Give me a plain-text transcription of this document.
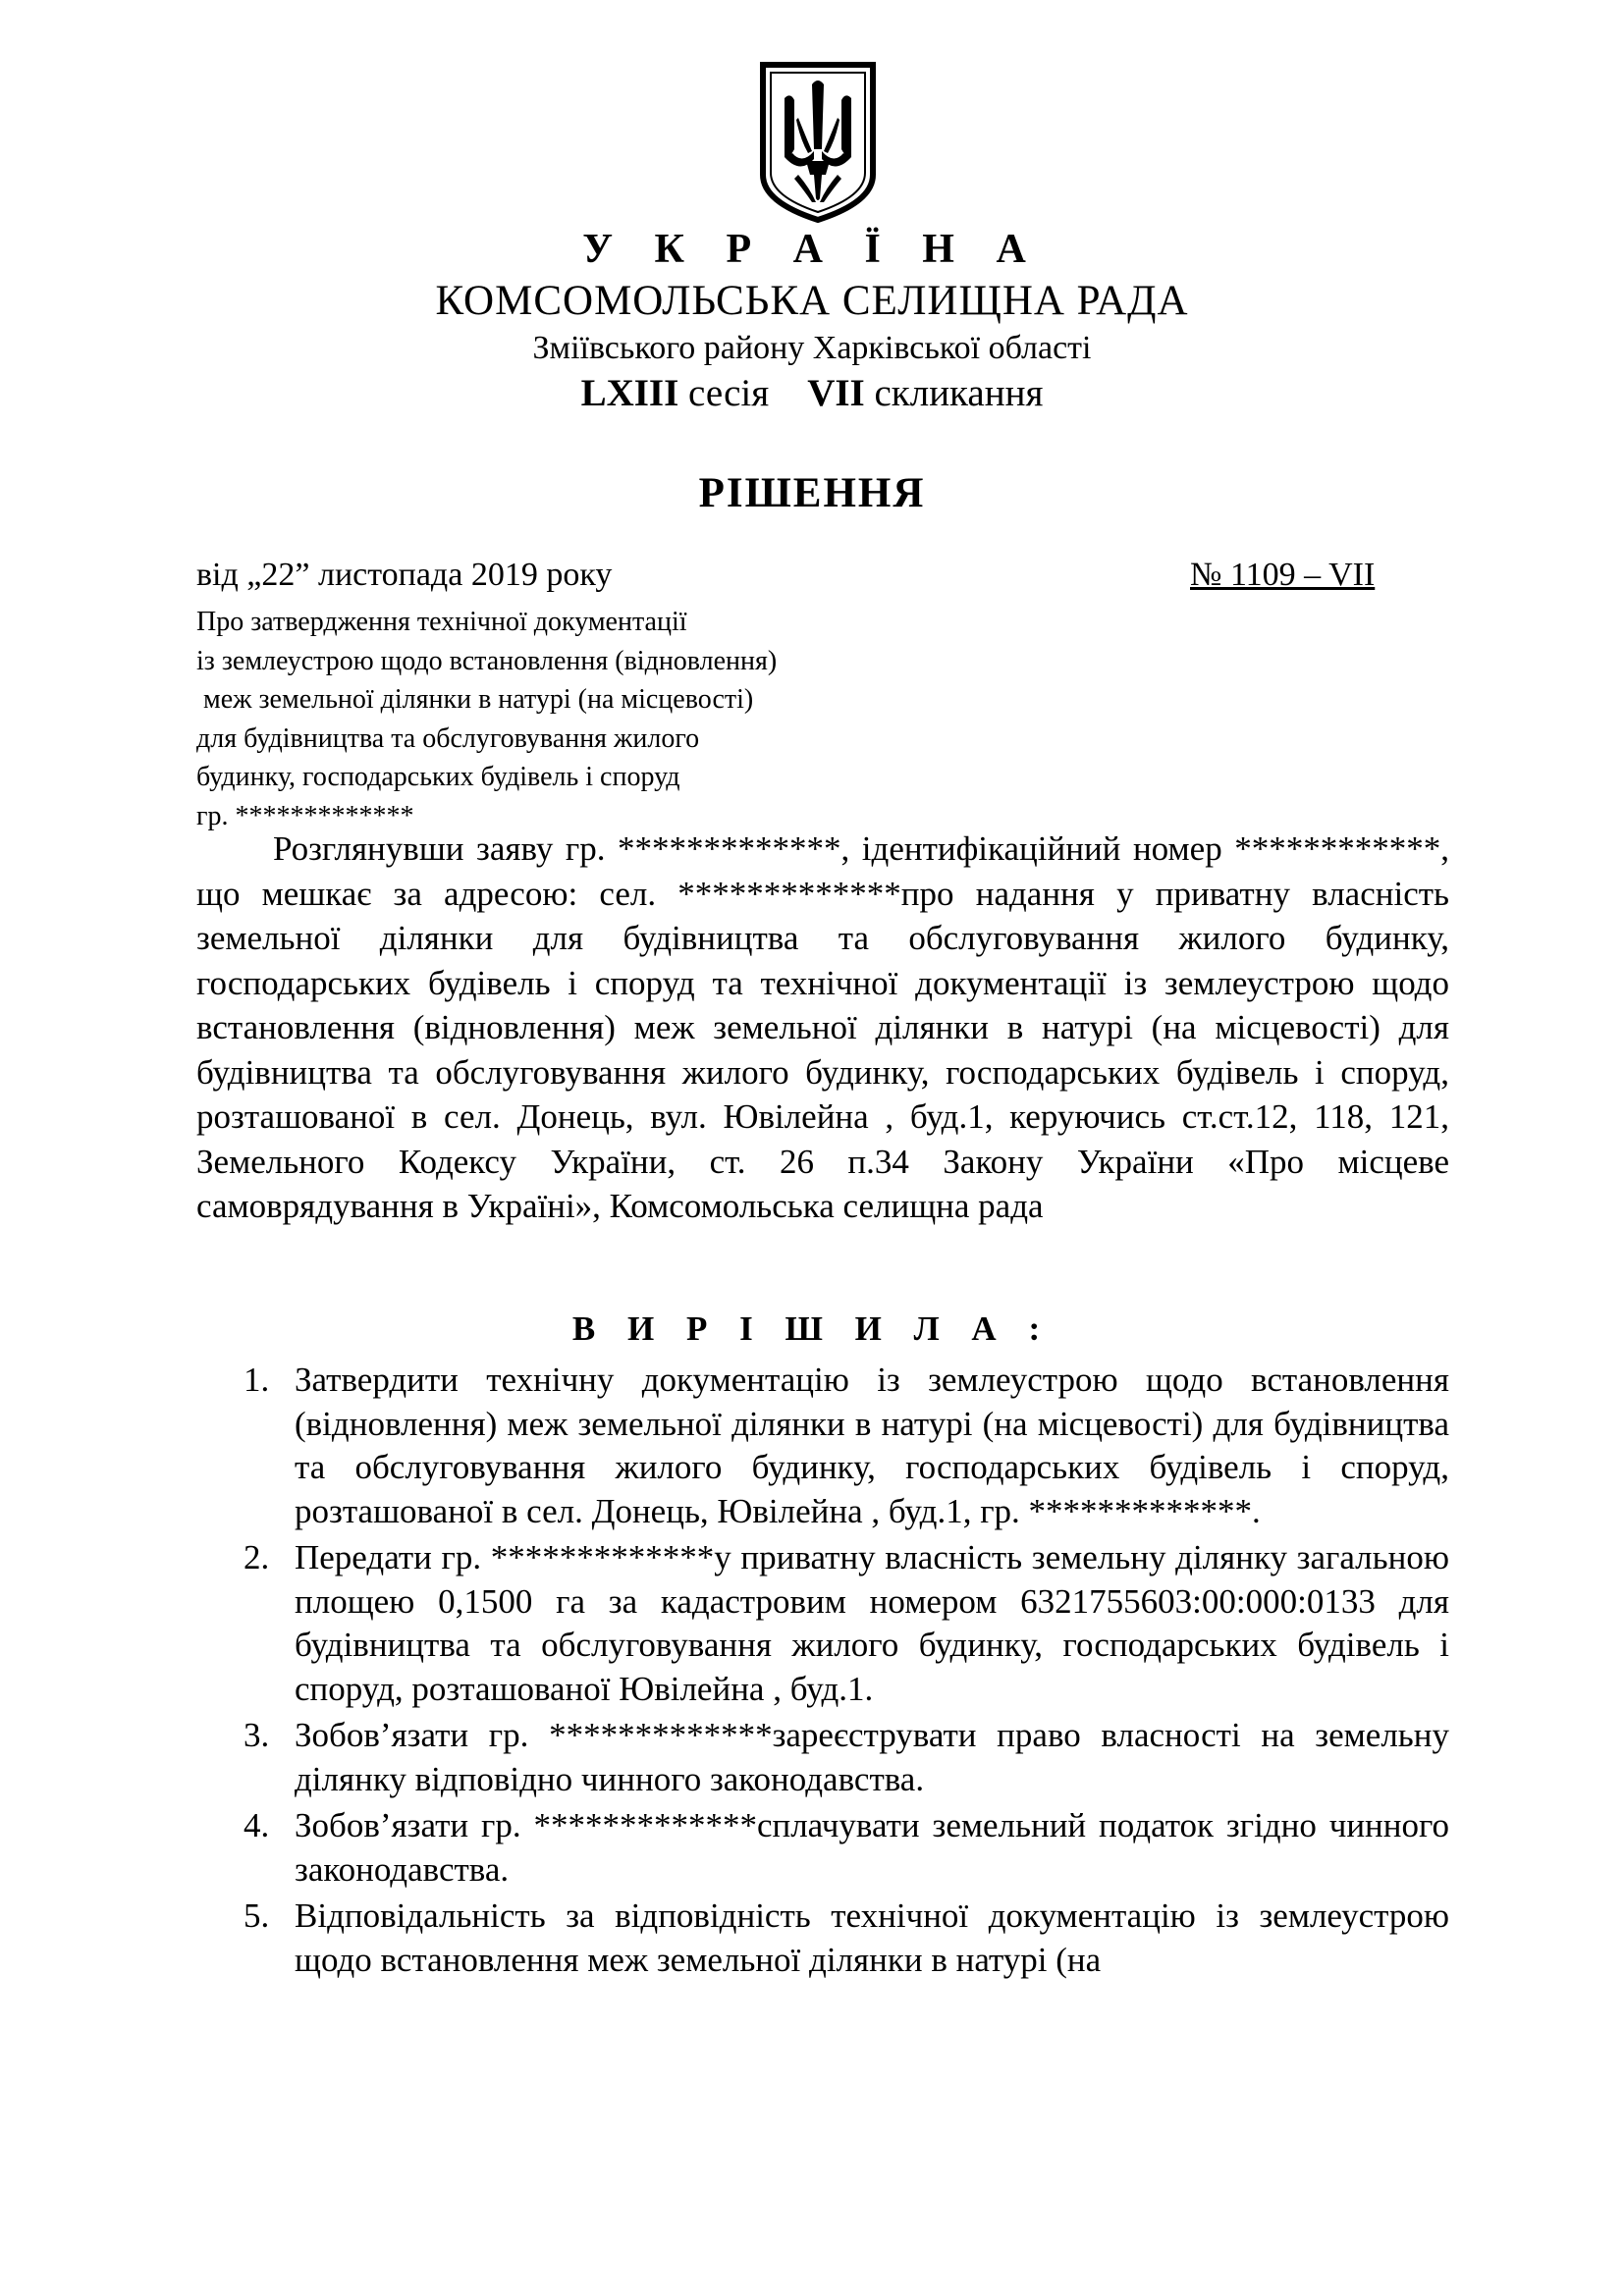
У К Р А Ї Н А
КОМСОМОЛЬСЬКА СЕЛИЩНА РАДА
Зміївського району Харківської області
LXIII сесія VII скликання
РІШЕННЯ
від „22” листопада 2019 року	№ 1109 – VII
Про затвердження технічної документації
із землеустрою щодо встановлення (відновлення)
меж земельної ділянки в натурі (на місцевості)
для будівництва та обслуговування жилого
будинку, господарських будівель і споруд
гр. *************
Розглянувши заяву гр. *************, ідентифікаційний номер ************, що мешкає за адресою: сел. *************про надання у приватну власність земельної ділянки для будівництва та обслуговування жилого будинку, господарських будівель і споруд та технічної документації із землеустрою щодо встановлення (відновлення) меж земельної ділянки в натурі (на місцевості) для будівництва та обслуговування жилого будинку, господарських будівель і споруд, розташованої в сел. Донець, вул. Ювілейна , буд.1, керуючись ст.ст.12, 118, 121, Земельного Кодексу України, ст. 26 п.34 Закону України «Про місцеве самоврядування в Україні», Комсомольська селищна рада
В И Р І Ш И Л А :
1. Затвердити технічну документацію із землеустрою щодо встановлення (відновлення) меж земельної ділянки в натурі (на місцевості) для будівництва та обслуговування жилого будинку, господарських будівель і споруд, розташованої в сел. Донець, Ювілейна , буд.1, гр. *************.
2. Передати гр. *************у приватну власність земельну ділянку загальною площею 0,1500 га за кадастровим номером 6321755603:00:000:0133 для будівництва та обслуговування жилого будинку, господарських будівель і споруд, розташованої Ювілейна , буд.1.
3. Зобов’язати гр. *************зареєструвати право власності на земельну ділянку відповідно чинного законодавства.
4. Зобов’язати гр. *************сплачувати земельний податок згідно чинного законодавства.
5. Відповідальність за відповідність технічної документацію із землеустрою щодо встановлення меж земельної ділянки в натурі (на
